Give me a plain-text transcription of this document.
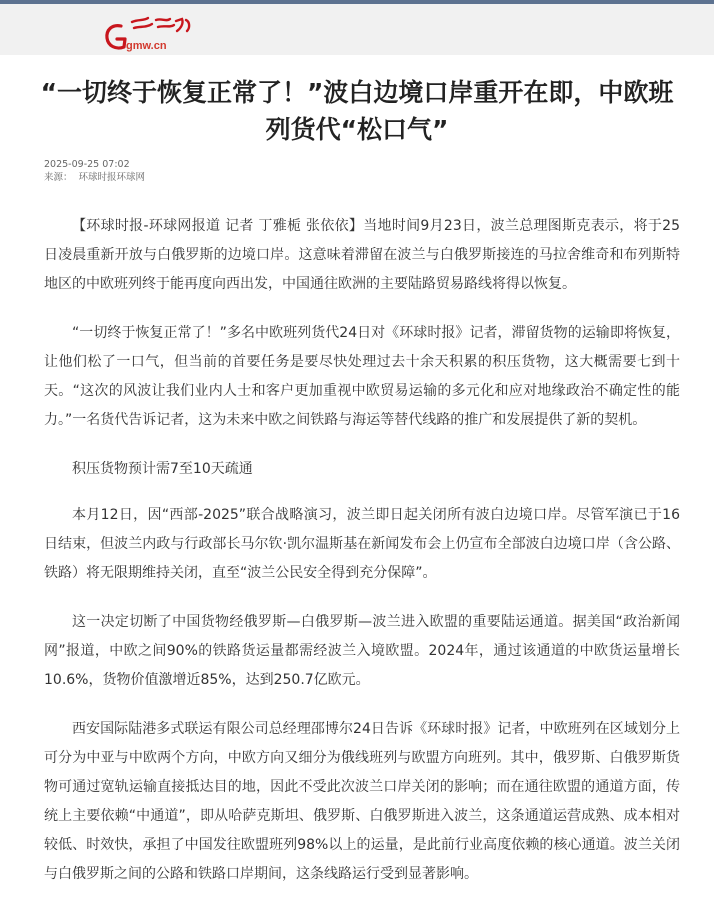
gmw.cn
“一切终于恢复正常了！”波白边境口岸重开在即，中欧班列货代“松口气”
2025-09-25 07:02
来源： 环球时报环球网

【环球时报-环球网报道 记者 丁雅栀 张依依】当地时间9月23日，波兰总理图斯克表示，将于25日凌晨重新开放与白俄罗斯的边境口岸。这意味着滞留在波兰与白俄罗斯接连的马拉舍维奇和布列斯特地区的中欧班列终于能再度向西出发，中国通往欧洲的主要陆路贸易路线将得以恢复。

“一切终于恢复正常了！”多名中欧班列货代24日对《环球时报》记者，滞留货物的运输即将恢复，让他们松了一口气，但当前的首要任务是要尽快处理过去十余天积累的积压货物，这大概需要七到十天。“这次的风波让我们业内人士和客户更加重视中欧贸易运输的多元化和应对地缘政治不确定性的能力。”一名货代告诉记者，这为未来中欧之间铁路与海运等替代线路的推广和发展提供了新的契机。

积压货物预计需7至10天疏通

本月12日，因“西部-2025”联合战略演习，波兰即日起关闭所有波白边境口岸。尽管军演已于16日结束，但波兰内政与行政部长马尔钦·凯尔温斯基在新闻发布会上仍宣布全部波白边境口岸（含公路、铁路）将无限期维持关闭，直至“波兰公民安全得到充分保障”。

这一决定切断了中国货物经俄罗斯—白俄罗斯—波兰进入欧盟的重要陆运通道。据美国“政治新闻网”报道，中欧之间90%的铁路货运量都需经波兰入境欧盟。2024年，通过该通道的中欧货运量增长10.6%，货物价值激增近85%，达到250.7亿欧元。

西安国际陆港多式联运有限公司总经理邵博尔24日告诉《环球时报》记者，中欧班列在区域划分上可分为中亚与中欧两个方向，中欧方向又细分为俄线班列与欧盟方向班列。其中，俄罗斯、白俄罗斯货物可通过宽轨运输直接抵达目的地，因此不受此次波兰口岸关闭的影响；而在通往欧盟的通道方面，传统上主要依赖“中通道”，即从哈萨克斯坦、俄罗斯、白俄罗斯进入波兰，这条通道运营成熟、成本相对较低、时效快，承担了中国发往欧盟班列98%以上的运量，是此前行业高度依赖的核心通道。波兰关闭与白俄罗斯之间的公路和铁路口岸期间，这条线路运行受到显著影响。
